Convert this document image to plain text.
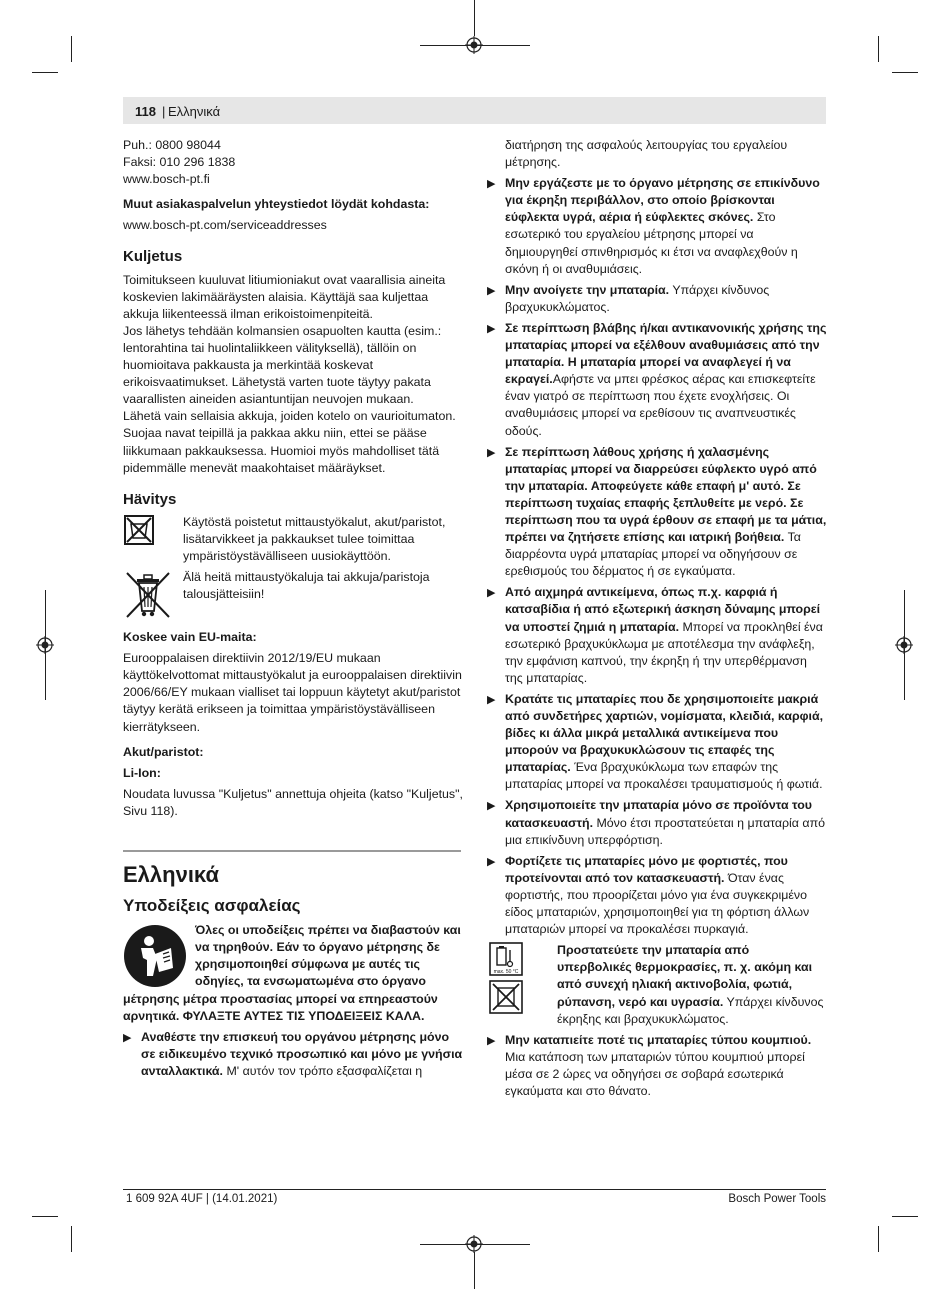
118 | Ελληνικά

Puh.: 0800 98044

Faksi: 010 296 1838

www.bosch-pt.fi

Muut asiakaspalvelun yhteystiedot löydät kohdasta:

www.bosch-pt.com/serviceaddresses

Kuljetus

Toimitukseen kuuluvat litiumioniakut ovat vaarallisia aineita koskevien lakimääräysten alaisia. Käyttäjä saa kuljettaa akkuja liikenteessä ilman erikoistoimenpiteitä.

Jos lähetys tehdään kolmansien osapuolten kautta (esim.: lentorahtina tai huolintaliikkeen välityksellä), tällöin on huomioitava pakkausta ja merkintää koskevat erikoisvaatimukset. Lähetystä varten tuote täytyy pakata vaarallisten aineiden asiantuntijan neuvojen mukaan.

Lähetä vain sellaisia akkuja, joiden kotelo on vaurioitumaton. Suojaa navat teipillä ja pakkaa akku niin, ettei se pääse liikkumaan pakkauksessa. Huomioi myös mahdolliset tätä pidemmälle menevät maakohtaiset määräykset.

Hävitys

Käytöstä poistetut mittaustyökalut, akut/paristot, lisätarvikkeet ja pakkaukset tulee toimittaa ympäristöystävälliseen uusiokäyttöön.

Älä heitä mittaustyökaluja tai akkuja/paristoja talousjätteisiin!

Koskee vain EU-maita:

Eurooppalaisen direktiivin 2012/19/EU mukaan käyttökelvottomat mittaustyökalut ja eurooppalaisen direktiivin 2006/66/EY mukaan vialliset tai loppuun käytetyt akut/paristot täytyy kerätä erikseen ja toimittaa ympäristöystävälliseen kierrätykseen.

Akut/paristot:

Li-Ion:

Noudata luvussa "Kuljetus" annettuja ohjeita (katso "Kuljetus", Sivu 118).

Ελληνικά
Υποδείξεις ασφαλείας

Όλες οι υποδείξεις πρέπει να διαβαστούν και να τηρηθούν. Εάν το όργανο μέτρησης δε χρησιμοποιηθεί σύμφωνα με αυτές τις οδηγίες, τα ενσωματωμένα στο όργανο μέτρησης μέτρα προστασίας μπορεί να επηρεαστούν αρνητικά. ΦΥΛΑΞΤΕ ΑΥΤΕΣ ΤΙΣ ΥΠΟΔΕΙΞΕΙΣ ΚΑΛΑ.

▶ Αναθέστε την επισκευή του οργάνου μέτρησης μόνο σε ειδικευμένο τεχνικό προσωπικό και μόνο με γνήσια ανταλλακτικά. Μ' αυτόν τον τρόπο εξασφαλίζεται η

διατήρηση της ασφαλούς λειτουργίας του εργαλείου μέτρησης.

▶ Μην εργάζεστε με το όργανο μέτρησης σε επικίνδυνο για έκρηξη περιβάλλον, στο οποίο βρίσκονται εύφλεκτα υγρά, αέρια ή εύφλεκτες σκόνες. Στο εσωτερικό του εργαλείου μέτρησης μπορεί να δημιουργηθεί σπινθηρισμός κι έτσι να αναφλεχθούν η σκόνη ή οι αναθυμιάσεις.
▶ Μην ανοίγετε την μπαταρία. Υπάρχει κίνδυνος βραχυκυκλώματος.
▶ Σε περίπτωση βλάβης ή/και αντικανονικής χρήσης της μπαταρίας μπορεί να εξέλθουν αναθυμιάσεις από την μπαταρία. Η μπαταρία μπορεί να αναφλεγεί ή να εκραγεί.Αφήστε να μπει φρέσκος αέρας και επισκεφτείτε έναν γιατρό σε περίπτωση που έχετε ενοχλήσεις. Οι αναθυμιάσεις μπορεί να ερεθίσουν τις αναπνευστικές οδούς.
▶ Σε περίπτωση λάθους χρήσης ή χαλασμένης μπαταρίας μπορεί να διαρρεύσει εύφλεκτο υγρό από την μπαταρία. Αποφεύγετε κάθε επαφή μ' αυτό. Σε περίπτωση τυχαίας επαφής ξεπλυθείτε με νερό. Σε περίπτωση που τα υγρά έρθουν σε επαφή με τα μάτια, πρέπει να ζητήσετε επίσης και ιατρική βοήθεια. Τα διαρρέοντα υγρά μπαταρίας μπορεί να οδηγήσουν σε ερεθισμούς του δέρματος ή σε εγκαύματα.
▶ Από αιχμηρά αντικείμενα, όπως π.χ. καρφιά ή κατσαβίδια ή από εξωτερική άσκηση δύναμης μπορεί να υποστεί ζημιά η μπαταρία. Μπορεί να προκληθεί ένα εσωτερικό βραχυκύκλωμα με αποτέλεσμα την ανάφλεξη, την εμφάνιση καπνού, την έκρηξη ή την υπερθέρμανση της μπαταρίας.
▶ Κρατάτε τις μπαταρίες που δε χρησιμοποιείτε μακριά από συνδετήρες χαρτιών, νομίσματα, κλειδιά, καρφιά, βίδες κι άλλα μικρά μεταλλικά αντικείμενα που μπορούν να βραχυκυκλώσουν τις επαφές της μπαταρίας. Ένα βραχυκύκλωμα των επαφών της μπαταρίας μπορεί να προκαλέσει τραυματισμούς ή φωτιά.
▶ Χρησιμοποιείτε την μπαταρία μόνο σε προϊόντα του κατασκευαστή. Μόνο έτσι προστατεύεται η μπαταρία από μια επικίνδυνη υπερφόρτιση.
▶ Φορτίζετε τις μπαταρίες μόνο με φορτιστές, που προτείνονται από τον κατασκευαστή. Όταν ένας φορτιστής, που προορίζεται μόνο για ένα συγκεκριμένο είδος μπαταριών, χρησιμοποιηθεί για τη φόρτιση άλλων μπαταριών μπορεί να προκαλέσει πυρκαγιά.
max. 50 °C
Προστατεύετε την μπαταρία από υπερβολικές θερμοκρασίες, π. χ. ακόμη και από συνεχή ηλιακή ακτινοβολία, φωτιά, ρύπανση, νερό και υγρασία. Υπάρχει κίνδυνος έκρηξης και βραχυκυκλώματος.
▶ Μην καταπιείτε ποτέ τις μπαταρίες τύπου κουμπιού. Μια κατάποση των μπαταριών τύπου κουμπιού μπορεί μέσα σε 2 ώρες να οδηγήσει σε σοβαρά εσωτερικά εγκαύματα και στο θάνατο.
1 609 92A 4UF | (14.01.2021)	Bosch Power Tools
